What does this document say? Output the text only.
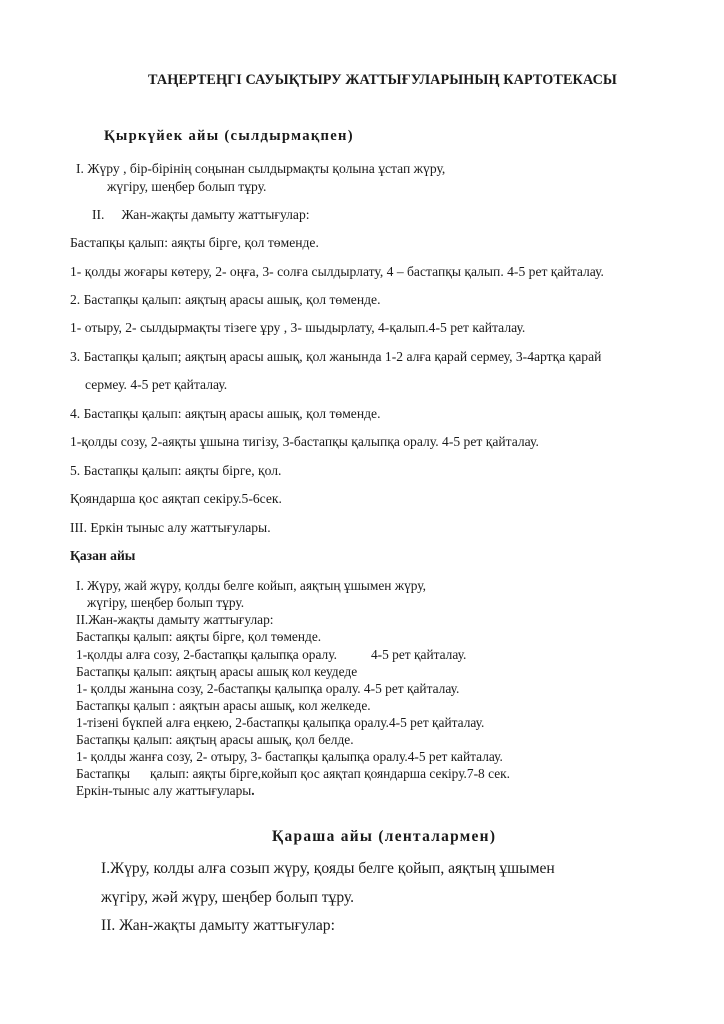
ТАҢЕРТЕҢГІ САУЫҚТЫРУ ЖАТТЫҒУЛАРЫНЫҢ КАРТОТЕКАСЫ
Қыркүйек айы (сылдырмақпен)
I. Жүру , бір-бірінің соңынан сылдырмақты қолына ұстап жүру,
жүгіру, шеңбер болып тұру.
II. Жан-жақты дамыту жаттығулар:
Бастапқы қалып: аяқты бірге, қол төменде.
1- қолды жоғары көтеру, 2- оңға, 3- солға сылдырлату, 4 – бастапқы қалып. 4-5 рет қайталау.
2. Бастапқы қалып: аяқтың арасы ашық, қол төменде.
1- отыру, 2- сылдырмақты тізеге ұру , 3- шыдырлату, 4-қалып.4-5 рет кайталау.
3. Бастапқы қалып; аяқтың арасы ашық, қол жанында 1-2 алға қарай сермеу, 3-4артқа қарай
сермеу. 4-5 рет қайталау.
4. Бастапқы қалып: аяқтың арасы ашық, қол төменде.
1-қолды созу, 2-аяқты ұшына тигізу, 3-бастапқы қалыпқа оралу. 4-5 рет қайталау.
5. Бастапқы қалып: аяқты бірге, қол.
Қояндарша қос аяқтап секіру.5-6сек.
III. Еркін тыныс алу жаттығулары.
Қазан айы
I. Жүру, жай жүру, қолды белге койып, аяқтың ұшымен жүру,
жүгіру, шеңбер болып тұру.
II.Жан-жақты дамыту жаттығулар:
Бастапқы қалып: аяқты бірге, қол төменде.
1-қолды алға созу, 2-бастапқы қалыпқа оралу.	4-5 рет қайталау.
Бастапқы қалып: аяқтың арасы ашық кол кеудеде
1- қолды жанына созу, 2-бастапқы қалыпқа оралу. 4-5 рет қайталау.
Бастапқы қалып : аяқтын арасы ашық, кол желкеде.
1-тізені бүкпей алға еңкею, 2-бастапқы қалыпқа оралу.4-5 рет қайталау.
Бастапқы қалып: аяқтың арасы ашық, қол белде.
1- қолды жанға созу, 2- отыру, 3- бастапқы қалыпқа оралу.4-5 рет кайталау.
Бастапқы қалып: аяқты бірге,койып қос аяқтап қояндарша секіру.7-8 сек.
Еркін-тыныс алу жаттығулары.
Қараша айы (ленталармен)
I.Жүру, колды алға созып жүру, қояды белге қойып, аяқтың ұшымен
жүгіру, жәй жүру, шеңбер болып тұру.
II. Жан-жақты дамыту жаттығулар:
